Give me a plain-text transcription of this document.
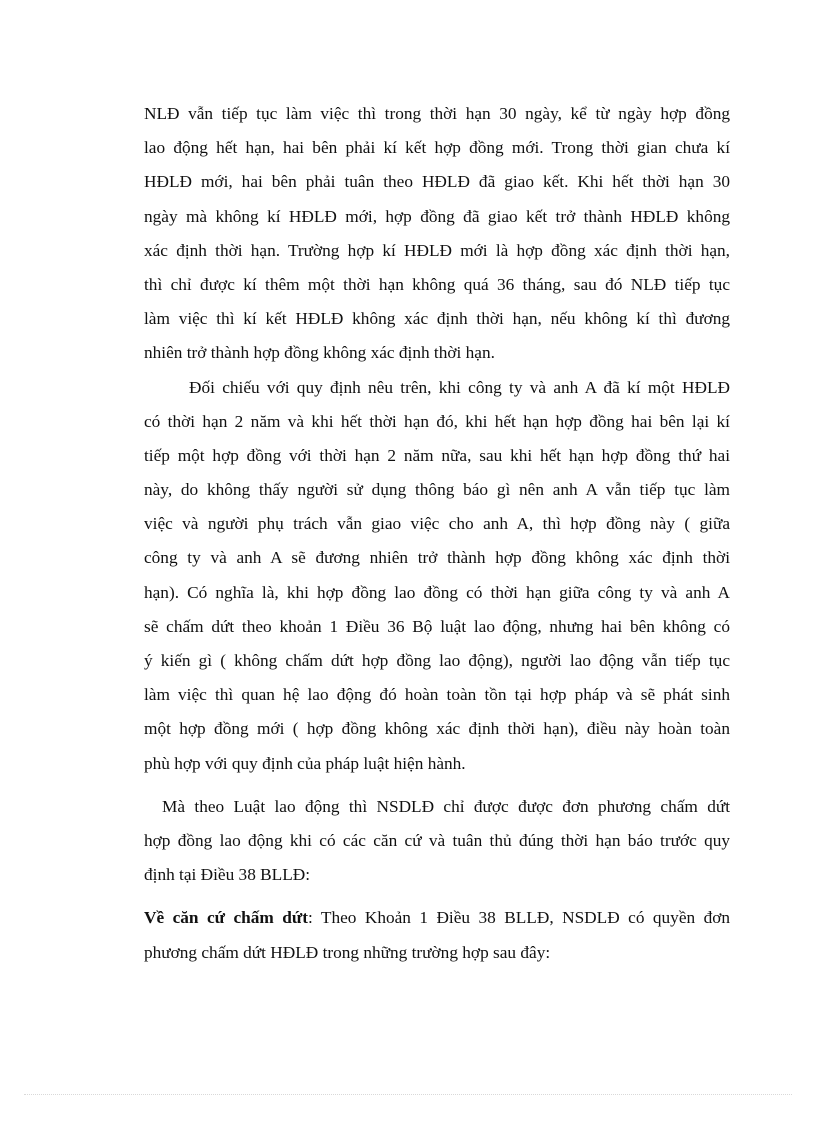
NLĐ vẫn tiếp tục làm việc thì trong thời hạn 30 ngày, kể từ ngày hợp đồng
lao động hết hạn, hai bên phải kí kết hợp đồng mới. Trong thời gian chưa kí
HĐLĐ mới, hai bên phải tuân theo HĐLĐ đã giao kết. Khi hết thời hạn 30
ngày mà không kí HĐLĐ mới, hợp đồng đã giao kết trở thành HĐLĐ không
xác định thời hạn. Trường hợp kí HĐLĐ mới là hợp đồng xác định thời hạn,
thì chỉ được kí thêm một thời hạn không quá 36 tháng, sau đó NLĐ tiếp tục
làm việc thì kí kết HĐLĐ không xác định thời hạn, nếu không kí thì đương
nhiên trở thành hợp đồng không xác định thời hạn.

Đối chiếu với quy định nêu trên, khi công ty và anh A đã kí một HĐLĐ
có thời hạn 2 năm và khi hết thời hạn đó, khi hết hạn hợp đồng hai bên lại kí
tiếp một hợp đồng với thời hạn 2 năm nữa, sau khi hết hạn hợp đồng thứ hai
này, do không thấy người sử dụng thông báo gì nên anh A vẫn tiếp tục làm
việc và người phụ trách vẫn giao việc cho anh A, thì hợp đồng này ( giữa
công ty và anh A sẽ đương nhiên trở thành hợp đồng không xác định thời
hạn). Có nghĩa là, khi hợp đồng lao đồng có thời hạn giữa công ty và anh A
sẽ chấm dứt theo khoản 1 Điều 36 Bộ luật lao động, nhưng hai bên không có
ý kiến gì ( không chấm dứt hợp đồng lao động), người lao động vẫn tiếp tục
làm việc thì quan hệ lao động đó hoàn toàn tồn tại hợp pháp và sẽ phát sinh
một hợp đồng mới ( hợp đồng không xác định thời hạn), điều này hoàn toàn
phù hợp với quy định của pháp luật hiện hành.

Mà theo Luật lao động thì NSDLĐ chỉ được được đơn phương chấm dứt
hợp đồng lao động khi có các căn cứ và tuân thủ đúng thời hạn báo trước quy
định tại Điều 38 BLLĐ:

Về căn cứ chấm dứt: Theo Khoản 1 Điều 38 BLLĐ, NSDLĐ có quyền đơn
phương chấm dứt HĐLĐ trong những trường hợp sau đây:
